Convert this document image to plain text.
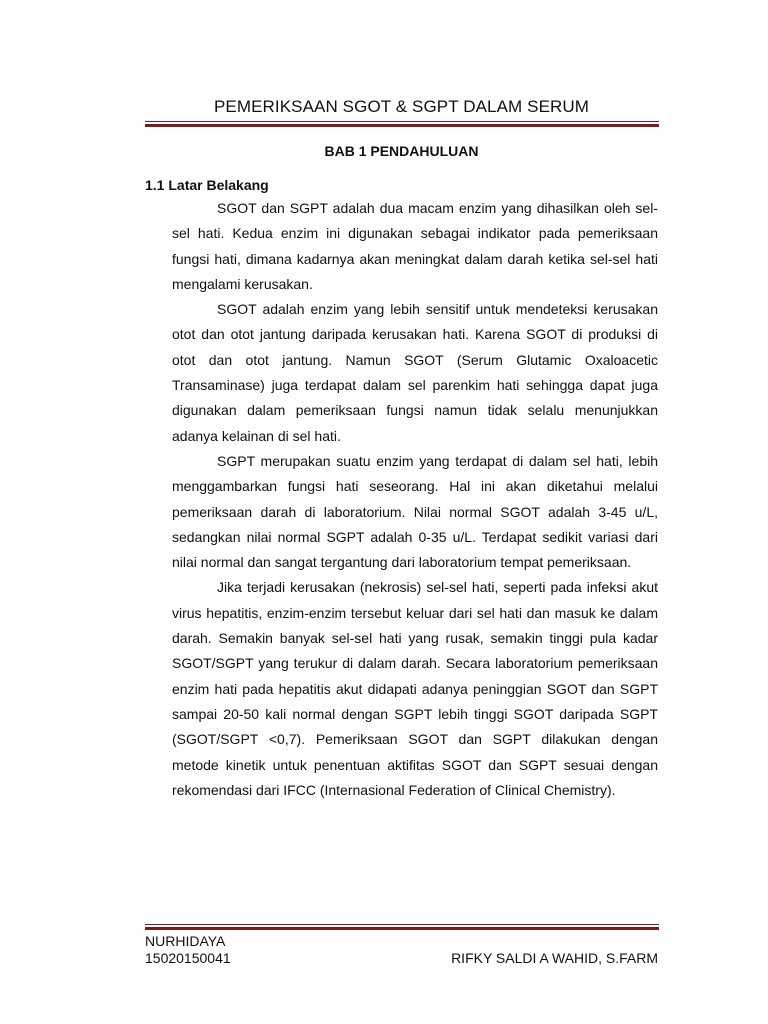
PEMERIKSAAN SGOT & SGPT DALAM SERUM
BAB 1 PENDAHULUAN
1.1 Latar Belakang

SGOT dan SGPT adalah dua macam enzim yang dihasilkan oleh sel-sel hati. Kedua enzim ini digunakan sebagai indikator pada pemeriksaan fungsi hati, dimana kadarnya akan meningkat dalam darah ketika sel-sel hati mengalami kerusakan.

SGOT adalah enzim yang lebih sensitif untuk mendeteksi kerusakan otot dan otot jantung daripada kerusakan hati. Karena SGOT di produksi di otot dan otot jantung. Namun SGOT (Serum Glutamic Oxaloacetic Transaminase) juga terdapat dalam sel parenkim hati sehingga dapat juga digunakan dalam pemeriksaan fungsi namun tidak selalu menunjukkan adanya kelainan di sel hati.

SGPT merupakan suatu enzim yang terdapat di dalam sel hati, lebih menggambarkan fungsi hati seseorang. Hal ini akan diketahui melalui pemeriksaan darah di laboratorium. Nilai normal SGOT adalah 3-45 u/L, sedangkan nilai normal SGPT adalah 0-35 u/L. Terdapat sedikit variasi dari nilai normal dan sangat tergantung dari laboratorium tempat pemeriksaan.

Jika terjadi kerusakan (nekrosis) sel-sel hati, seperti pada infeksi akut virus hepatitis, enzim-enzim tersebut keluar dari sel hati dan masuk ke dalam darah. Semakin banyak sel-sel hati yang rusak, semakin tinggi pula kadar SGOT/SGPT yang terukur di dalam darah. Secara laboratorium pemeriksaan enzim hati pada hepatitis akut didapati adanya peninggian SGOT dan SGPT sampai 20-50 kali normal dengan SGPT lebih tinggi SGOT daripada SGPT (SGOT/SGPT <0,7). Pemeriksaan SGOT dan SGPT dilakukan dengan metode kinetik untuk penentuan aktifitas SGOT dan SGPT sesuai dengan rekomendasi dari IFCC (Internasional Federation of Clinical Chemistry).

NURHIDAYA
15020150041	RIFKY SALDI A WAHID, S.FARM
